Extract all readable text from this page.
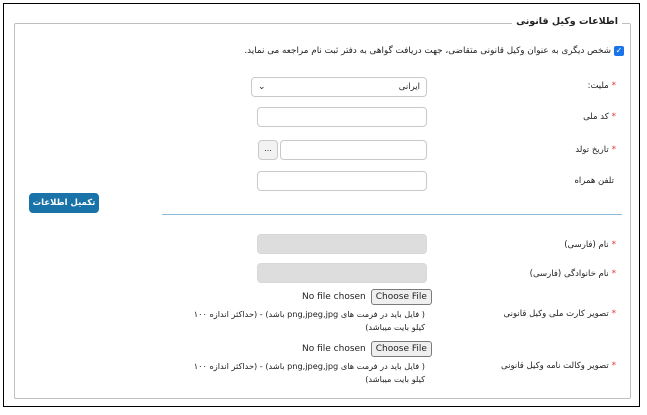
اطلاعات وکیل قانونی
✓
شخص دیگری به عنوان وکیل قانونی متقاضی، جهت دریافت گواهی به دفتر ثبت نام مراجعه می نماید.
*ملیت:
ایرانی
⌄
*کد ملی
*تاریخ تولد
...
تلفن همراه
تکمیل اطلاعات
*نام (فارسی)
*نام خانوادگی (فارسی)
No file chosen	Choose File
*تصویر کارت ملی وکیل قانونی
( فایل باید در فرمت های png,jpeg,jpg باشد) - (حداکثر اندازه ۱۰۰
کیلو بایت میباشد)
No file chosen	Choose File
*تصویر وکالت نامه وکیل قانونی
( فایل باید در فرمت های png,jpeg,jpg باشد) - (حداکثر اندازه ۱۰۰
کیلو بایت میباشد)
